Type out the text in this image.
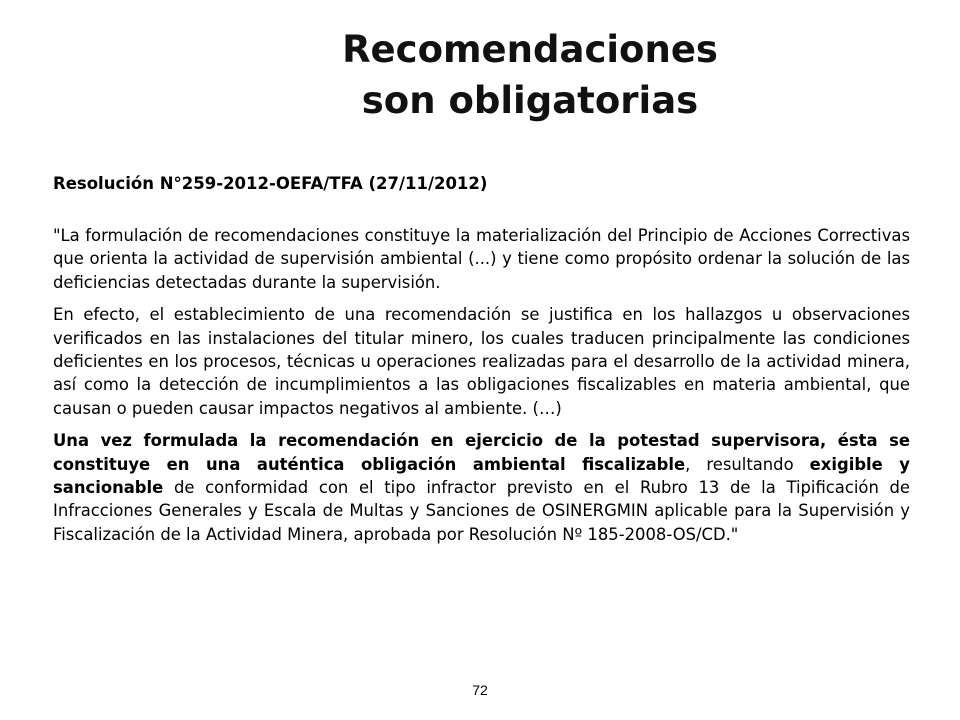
Recomendaciones son obligatorias

Resolución N°259-2012-OEFA/TFA (27/11/2012)

"La formulación de recomendaciones constituye la materialización del Principio de Acciones Correctivas que orienta la actividad de supervisión ambiental (...) y tiene como propósito ordenar la solución de las deficiencias detectadas durante la supervisión.

En efecto, el establecimiento de una recomendación se justifica en los hallazgos u observaciones verificados en las instalaciones del titular minero, los cuales traducen principalmente las condiciones deficientes en los procesos, técnicas u operaciones realizadas para el desarrollo de la actividad minera, así como la detección de incumplimientos a las obligaciones fiscalizables en materia ambiental, que causan o pueden causar impactos negativos al ambiente. (…)

Una vez formulada la recomendación en ejercicio de la potestad supervisora, ésta se constituye en una auténtica obligación ambiental fiscalizable, resultando exigible y sancionable de conformidad con el tipo infractor previsto en el Rubro 13 de la Tipificación de Infracciones Generales y Escala de Multas y Sanciones de OSINERGMIN aplicable para la Supervisión y Fiscalización de la Actividad Minera, aprobada por Resolución Nº 185-2008-OS/CD."

72
